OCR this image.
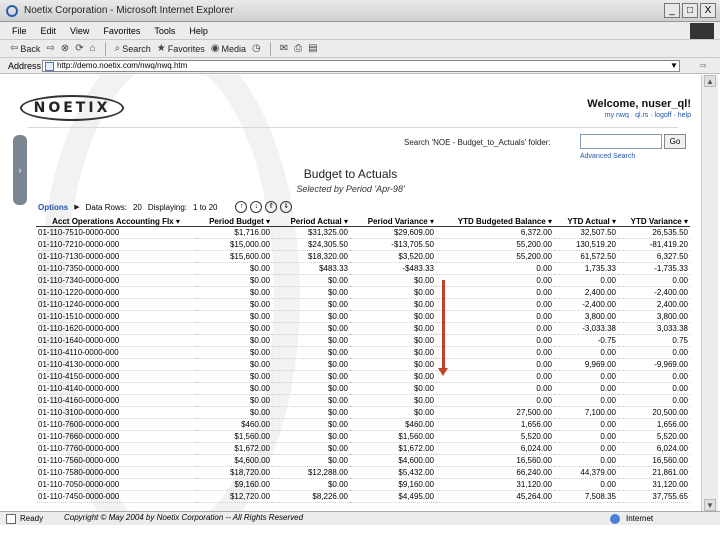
Noetix Corporation - Microsoft Internet Explorer	_	□	X
File Edit View Favorites Tools Help
⇦ Back ⇨ ⊗ ⟳ ⌂ ⌕ Search ★ Favorites ◉ Media ◷ ✉ ⎙ ▤
Address	http://demo.noetix.com/nwq/nwq.htm	▼	⇨
›
NOETIX	Welcome, nuser_ql!
my nwq · ql.rs · logoff · help
Search 'NOE - Budget_to_Actuals' folder:	Go
Advanced Search
Budget to Actuals
Selected by Period 'Apr-98'
Options ▶ Data Rows: 20 Displaying: 1 to 20	↑	↓	⇑	⇓
Acct Operations Accounting Flx ▾	Period Budget ▾	Period Actual ▾	Period Variance ▾	YTD Budgeted Balance ▾	YTD Actual ▾	YTD Variance ▾
01-110-7510-0000-000	$1,716.00	$31,325.00	$29,609.00	6,372.00	32,507.50	26,535.50
01-110-7210-0000-000	$15,000.00	$24,305.50	-$13,705.50	55,200.00	130,519.20	-81,419.20
01-110-7130-0000-000	$15,600.00	$18,320.00	$3,520.00	55,200.00	61,572.50	6,327.50
01-110-7350-0000-000	$0.00	$483.33	-$483.33	0.00	1,735.33	-1,735.33
01-110-7340-0000-000	$0.00	$0.00	$0.00	0.00	0.00	0.00
01-110-1220-0000-000	$0.00	$0.00	$0.00	0.00	2,400.00	-2,400.00
01-110-1240-0000-000	$0.00	$0.00	$0.00	0.00	-2,400.00	2,400.00
01-110-1510-0000-000	$0.00	$0.00	$0.00	0.00	3,800.00	3,800.00
01-110-1620-0000-000	$0.00	$0.00	$0.00	0.00	-3,033.38	3,033.38
01-110-1640-0000-000	$0.00	$0.00	$0.00	0.00	-0.75	0.75
01-110-4110-0000-000	$0.00	$0.00	$0.00	0.00	0.00	0.00
01-110-4130-0000-000	$0.00	$0.00	$0.00	0.00	9,969.00	-9,969.00
01-110-4150-0000-000	$0.00	$0.00	$0.00	0.00	0.00	0.00
01-110-4140-0000-000	$0.00	$0.00	$0.00	0.00	0.00	0.00
01-110-4160-0000-000	$0.00	$0.00	$0.00	0.00	0.00	0.00
01-110-3100-0000-000	$0.00	$0.00	$0.00	27,500.00	7,100.00	20,500.00
01-110-7600-0000-000	$460.00	$0.00	$460.00	1,656.00	0.00	1,656.00
01-110-7660-0000-000	$1,560.00	$0.00	$1,560.00	5,520.00	0.00	5,520.00
01-110-7760-0000-000	$1,672.00	$0.00	$1,672.00	6,024.00	0.00	6,024.00
01-110-7560-0000-000	$4,600.00	$0.00	$4,600.00	16,560.00	0.00	16,560.00
01-110-7580-0000-000	$18,720.00	$12,288.00	$5,432.00	66,240.00	44,379.00	21,861.00
01-110-7050-0000-000	$9,160.00	$0.00	$9,160.00	31,120.00	0.00	31,120.00
01-110-7450-0000-000	$12,720.00	$8,226.00	$4,495.00	45,264.00	7,508.35	37,755.65
▲
▼
Ready	Copyright © May 2004 by Noetix Corporation -- All Rights Reserved	Internet
